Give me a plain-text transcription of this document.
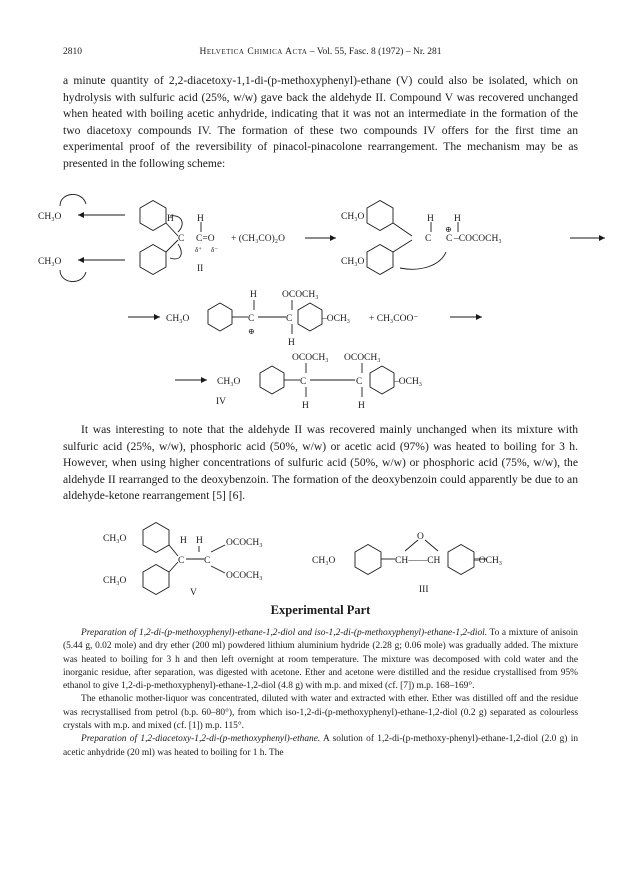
2810	Helvetica Chimica Acta – Vol. 55, Fasc. 8 (1972) – Nr. 281

a minute quantity of 2,2-diacetoxy-1,1-di-(p-methoxyphenyl)-ethane (V) could also be isolated, which on hydrolysis with sulfuric acid (25%, w/w) gave back the aldehyde II. Compound V was recovered unchanged when heated with boiling acetic anhydride, indicating that it was not an intermediate in the formation of the two diacetoxy compounds IV. The formation of these two compounds IV offers for the first time an experimental proof of the reversibility of pinacol-pinacolone rearrangement. The mechanism may be as presented in the following scheme:

CH₃O
CH₃O
H H
C C=O
δ⁺ δ⁻
+ (CH₃CO)₂O
II
CH₃O
CH₃O
H H
⊕
C C –COCOCH₃
CH₃O
H	OCOCH₃
C	C
⊕
H
–OCH₃ + CH₃COO⁻
CH₃O
OCOCH₃ OCOCH₃
C	C
H	H
–OCH₃
IV
CH₃O
CH₃O
H H
C C
OCOCH₃
OCOCH₃
V
CH₃O
O
CH——CH	–OCH₃
III

It was interesting to note that the aldehyde II was recovered mainly unchanged when its mixture with sulfuric acid (25%, w/w), phosphoric acid (50%, w/w) or acetic acid (97%) was heated to boiling for 3 h. However, when using higher concentrations of sulfuric acid (50%, w/w) or phosphoric acid (75%, w/w), the aldehyde II rearranged to the deoxybenzoin. The formation of the deoxybenzoin could apparently be due to an aldehyde-ketone rearrangement [5] [6].

Experimental Part

Preparation of 1,2-di-(p-methoxyphenyl)-ethane-1,2-diol and iso-1,2-di-(p-methoxyphenyl)-ethane-1,2-diol. To a mixture of anisoin (5.44 g, 0.02 mole) and dry ether (200 ml) powdered lithium aluminium hydride (2.28 g; 0.06 mole) was gradually added. The mixture was heated to boiling for 3 h and then left overnight at room temperature. The mixture was decomposed with cold water and the inorganic residue, after separation, was digested with acetone. Ether and acetone were distilled and the residue crystallised from 95% ethanol to give 1,2-di-p-methoxyphenyl)-ethane-1,2-diol (4.8 g) with m.p. and mixed (cf. [7]) m.p. 168–169°.

The ethanolic mother-liquor was concentrated, diluted with water and extracted with ether. Ether was distilled off and the residue was recrystallised from petrol (b.p. 60–80°), from which iso-1,2-di-(p-methoxyphenyl)-ethane-1,2-diol (0.2 g) separated as colourless crystals with m.p. and mixed (cf. [1]) m.p. 115°.

Preparation of 1,2-diacetoxy-1,2-di-(p-methoxyphenyl)-ethane. A solution of 1,2-di-(p-methoxy-phenyl)-ethane-1,2-diol (2.0 g) in acetic anhydride (20 ml) was heated to boiling for 1 h. The
